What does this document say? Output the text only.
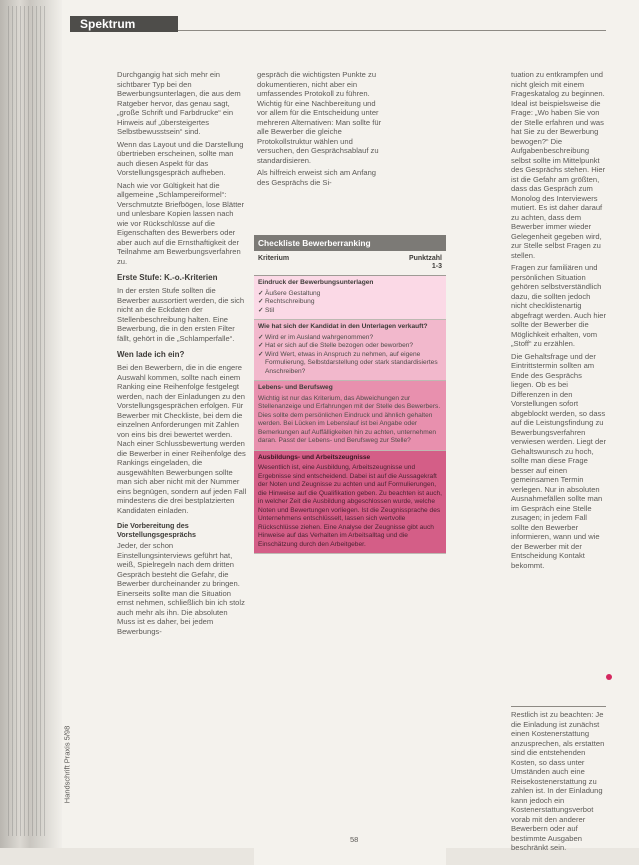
Spektrum

Durchgangig hat sich mehr ein sichtbarer Typ bei den Bewerbungsunterlagen, die aus dem Ratgeber hervor, das genau sagt, „große Schrift und Farbdrucke“ ein Hinweis auf „übersteigertes Selbstbewusstsein“ sind.

Wenn das Layout und die Darstellung übertrieben erscheinen, sollte man auch diesen Aspekt für das Vorstellungsgespräch aufheben.

Nach wie vor Gültigkeit hat die allgemeine „Schlampereiformel“: Verschmutzte Briefbögen, lose Blätter und unlesbare Kopien lassen nach wie vor Rückschlüsse auf die Eigenschaften des Bewerbers oder aber auch auf die Ernsthaftigkeit der Teilnahme am Bewerbungsverfahren zu.

Erste Stufe: K.-o.-Kriterien

In der ersten Stufe sollten die Bewerber aussortiert werden, die sich nicht an die Eckdaten der Stellenbeschreibung halten. Eine Bewerbung, die in den ersten Filter fällt, gehört in die „Schlamperfalle“.

Wen lade ich ein?

Bei den Bewerbern, die in die engere Auswahl kommen, sollte nach einem Ranking eine Reihenfolge festgelegt werden, nach der Einladungen zu den Vorstellungsgesprächen erfolgen. Für Bewerber mit Checkliste, bei dem die einzelnen Anforderungen mit Zahlen von eins bis drei bewertet werden. Nach einer Schlussbewertung werden die Bewerber in einer Reihenfolge des Rankings eingeladen, die ausgewählten Bewerbungen sollte man sich aber nicht mit der Nummer eins begnügen, sondern auf jeden Fall mindestens die drei bestplatzierten Kandidaten einladen.

Die Vorbereitung des Vorstellungsgesprächs

Jeder, der schon Einstellungsinterviews geführt hat, weiß, Spielregeln nach dem dritten Gespräch besteht die Gefahr, die Bewerber durcheinander zu bringen. Einerseits sollte man die Situation ernst nehmen, schließlich bin ich stolz auch mehr als ihn. Die absoluten Muss ist es daher, bei jedem Bewerbungs-

gespräch die wichtigsten Punkte zu dokumentieren, nicht aber ein umfassendes Protokoll zu führen. Wichtig für eine Nachbereitung und vor allem für die Entscheidung unter mehreren Alternativen: Man sollte für alle Bewerber die gleiche Protokollstruktur wählen und versuchen, den Gesprächsablauf zu standardisieren.

Als hilfreich erweist sich am Anfang des Gesprächs die Si-

tuation zu entkrampfen und nicht gleich mit einem Frageskatalog zu beginnen. Ideal ist beispielsweise die Frage: „Wo haben Sie von der Stelle erfahren und was hat Sie zu der Bewerbung bewogen?“ Die Aufgabenbeschreibung selbst sollte im Mittelpunkt des Gesprächs stehen. Hier ist die Gefahr am größten, dass das Gespräch zum Monolog des Interviewers mutiert. Es ist daher darauf zu achten, dass dem Bewerber immer wieder Gelegenheit gegeben wird, zur Stelle selbst Fragen zu stellen.

Fragen zur familiären und persönlichen Situation gehören selbstverständlich dazu, die sollten jedoch nicht checklistenartig abgefragt werden. Auch hier sollte der Bewerber die Möglichkeit erhalten, vom „Stoff“ zu erzählen.

Die Gehaltsfrage und der Eintrittstermin sollten am Ende des Gesprächs liegen. Ob es bei Differenzen in den Vorstellungen sofort abgeblockt werden, so dass auf die Leistungsfindung zu Bewerbungsverfahren verwiesen werden. Liegt der Gehaltswunsch zu hoch, sollte man diese Frage besser auf einen gemeinsamen Termin verlegen. Nur in absoluten Ausnahmefällen sollte man im Gespräch eine Stelle zusagen; in jedem Fall sollte den Bewerber informieren, wann und wie der Bewerber mit der Entscheidung Kontakt bekommt.

Restlich ist zu beachten: Je die Einladung ist zunächst einen Kostenerstattung anzusprechen, als erstatten sind die entstehenden Kosten, so dass unter Umständen auch eine Reisekostenerstattung zu zahlen ist. In der Einladung kann jedoch ein Kostenerstattungsverbot vorab mit den anderer Bewerbern oder auf bestimmte Ausgaben beschränkt sein.

Checkliste Bewerberranking
Kriterium	Punktzahl 1-3
Eindruck der Bewerbungsunterlagen
✓ Äußere Gestaltung
✓ Rechtschreibung
✓ Stil
Wie hat sich der Kandidat in den Unterlagen verkauft?
✓ Wird er im Ausland wahrgenommen?
✓ Hat er sich auf die Stelle bezogen oder beworben?
✓ Wird Wert, etwas in Anspruch zu nehmen, auf eigene Formulierung, Selbstdarstellung oder stark standardisiertes Anschreiben?
Lebens- und Berufsweg
Wichtig ist nur das Kriterium, das Abweichungen zur Stellenanzeige und Erfahrungen mit der Stelle des Bewerbers. Dies sollte dem persönlichen Eindruck und ähnlich gehalten werden. Bei Lücken im Lebenslauf ist bei Angabe oder Bemerkungen auf Auffälligkeiten hin zu achten, unternehmen daran. Passt der Lebens- und Berufsweg zur Stelle?
Ausbildungs- und Arbeitszeugnisse
Wesentlich ist, eine Ausbildung, Arbeitszeugnisse und Ergebnisse sind entscheidend. Dabei ist auf die Aussagekraft der Noten und Zeugnisse zu achten und auf Formulierungen, die Hinweise auf die Qualifikation geben. Zu beachten ist auch, in welcher Zeit die Ausbildung abgeschlossen wurde, welche Noten und Bewertungen vorliegen. Ist die Zeugnissprache des Unternehmens entschlüsselt, lassen sich wertvolle Rückschlüsse ziehen. Eine Analyse der Zeugnisse gibt auch Hinweise auf das Verhalten im Arbeitsalltag und die Einschätzung durch den Arbeitgeber.
Handschrift Praxis 5/98
58
